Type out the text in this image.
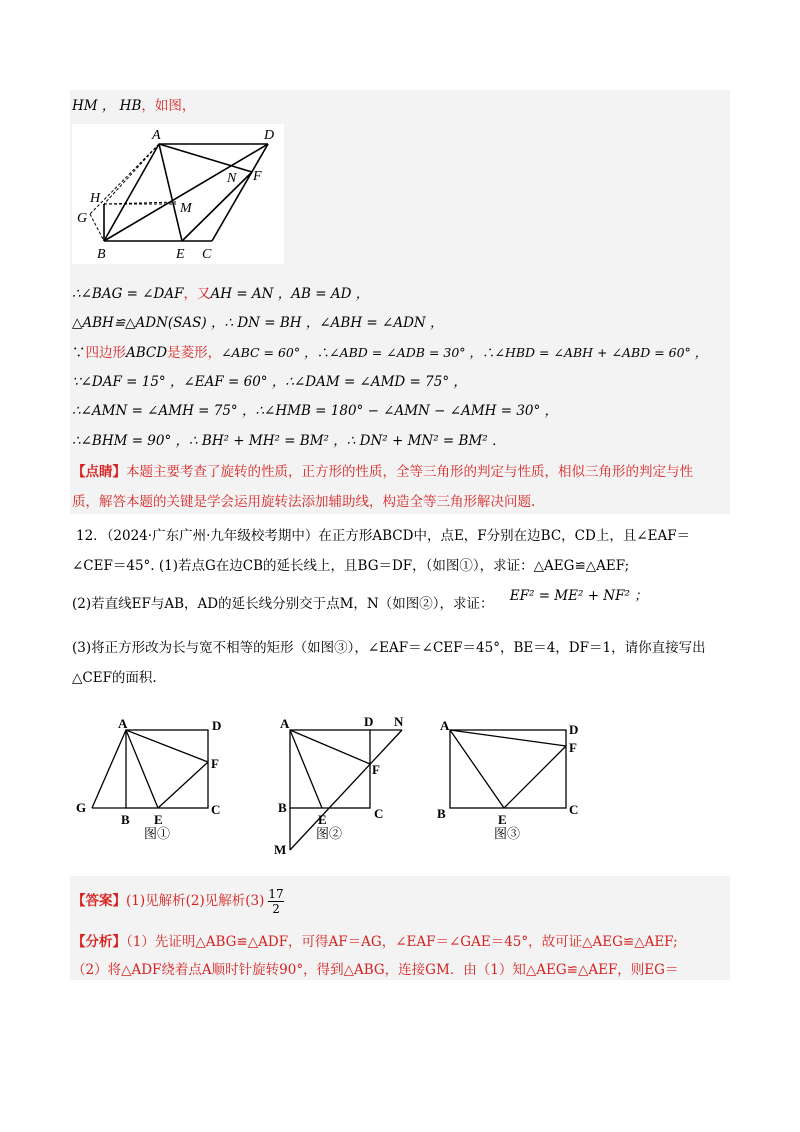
HM ， HB，如图，
A	D
H
N F
G
M
B	E C
∴∠BAG = ∠DAF，又AH = AN ，AB = AD ，
△ABH≌△ADN(SAS) ，∴ DN = BH ，∠ABH = ∠ADN ，
∵四边形ABCD是菱形，∠ABC = 60° ，∴∠ABD = ∠ADB = 30° ，∴∠HBD = ∠ABH + ∠ABD = 60° ，
∵∠DAF = 15° ，∠EAF = 60° ，∴∠DAM = ∠AMD = 75° ，
∴∠AMN = ∠AMH = 75° ，∴∠HMB = 180° − ∠AMN − ∠AMH = 30° ，
∴∠BHM = 90° ，∴ BH² + MH² = BM² ，∴ DN² + MN² = BM² ．
【点睛】本题主要考查了旋转的性质，正方形的性质，全等三角形的判定与性质，相似三角形的判定与性
质，解答本题的关键是学会运用旋转法添加辅助线，构造全等三角形解决问题.
12．（2024·广东广州·九年级校考期中）在正方形ABCD中，点E，F分别在边BC，CD上，且∠EAF＝
∠CEF＝45°. (1)若点G在边CB的延长线上，且BG＝DF，（如图①），求证：△AEG≌△AEF;
(2)若直线EF与AB，AD的延长线分别交于点M，N（如图②），求证： EF² = ME² + NF² ；
(3)将正方形改为长与宽不相等的矩形（如图③），∠EAF＝∠CEF＝45°，BE＝4，DF＝1，请你直接写出
△CEF的面积.
A	D
F
G
B E
C
图①
A	D N
F
B
E	C
M
图②
A	D
F
B	E
C
图③
【答案】(1)见解析(2)见解析$(3) \frac{17}{2}$
【分析】（1）先证明△ABG≌△ADF，可得AF＝AG，∠EAF＝∠GAE＝45°，故可证△AEG≌△AEF;
（2）将△ADF绕着点A顺时针旋转90°，得到△ABG，连接GM．由（1）知△AEG≌△AEF，则EG＝
